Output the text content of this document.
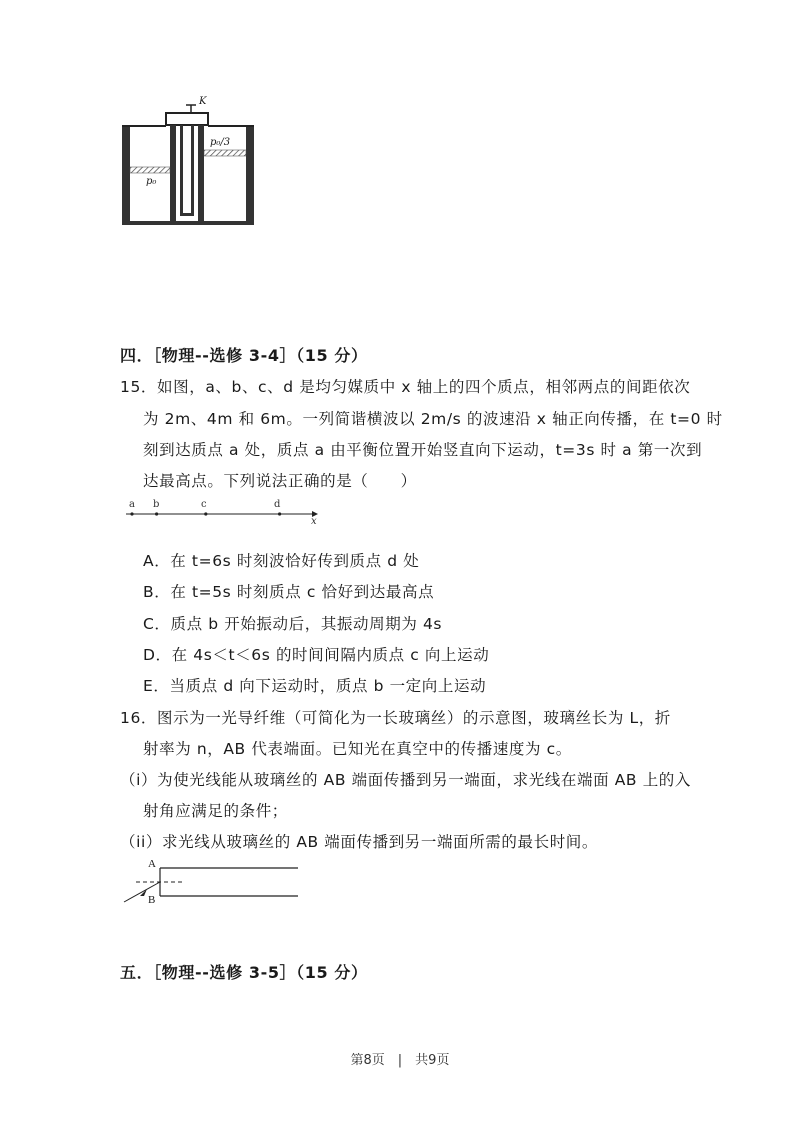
K
p₀/3
p₀
四．［物理--选修 3-4］（15 分）
15．如图，a、b、c、d 是均匀媒质中 x 轴上的四个质点，相邻两点的间距依次
为 2m、4m 和 6m。一列简谐横波以 2m/s 的波速沿 x 轴正向传播，在 t=0 时
刻到达质点 a 处，质点 a 由平衡位置开始竖直向下运动，t=3s 时 a 第一次到
达最高点。下列说法正确的是（　　）
a b	c	d
x
A．在 t=6s 时刻波恰好传到质点 d 处
B．在 t=5s 时刻质点 c 恰好到达最高点
C．质点 b 开始振动后，其振动周期为 4s
D．在 4s＜t＜6s 的时间间隔内质点 c 向上运动
E．当质点 d 向下运动时，质点 b 一定向上运动
16．图示为一光导纤维（可简化为一长玻璃丝）的示意图，玻璃丝长为 L，折
射率为 n，AB 代表端面。已知光在真空中的传播速度为 c。
（i）为使光线能从玻璃丝的 AB 端面传播到另一端面，求光线在端面 AB 上的入
射角应满足的条件；
（ii）求光线从玻璃丝的 AB 端面传播到另一端面所需的最长时间。
A
B
五．［物理--选修 3-5］（15 分）
第8页　|　共9页
